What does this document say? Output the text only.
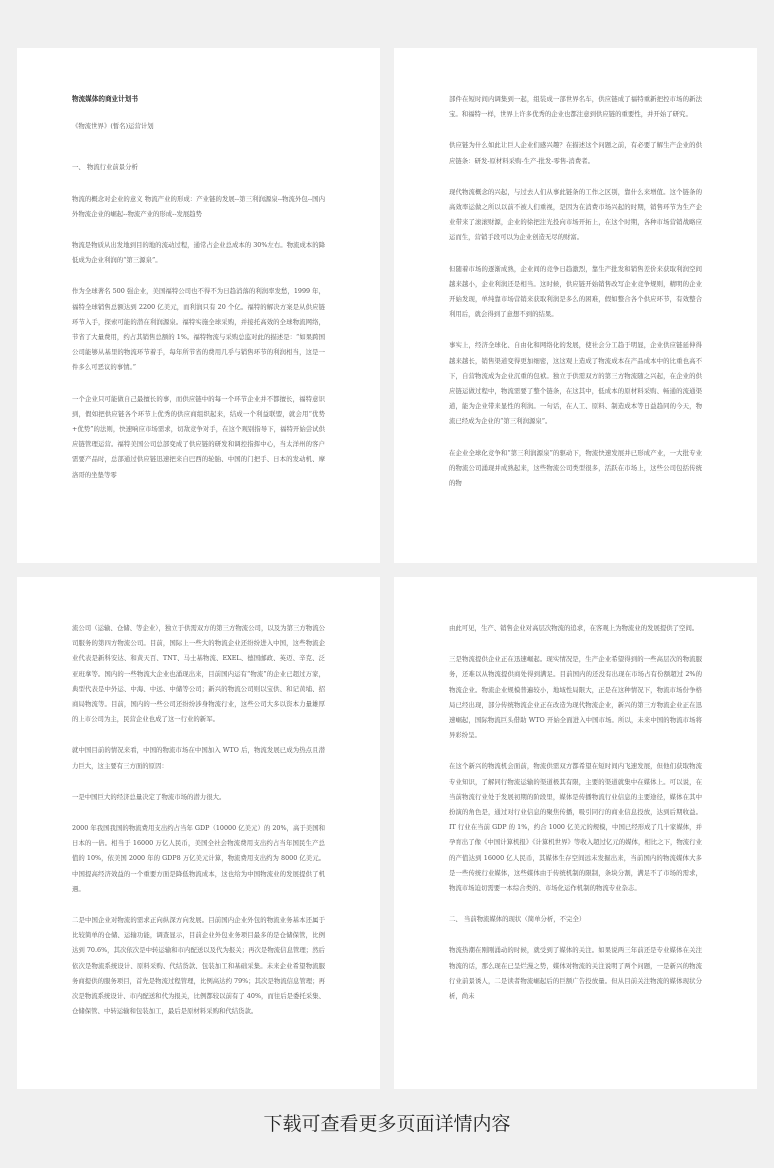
物流媒体的商业计划书
《物流世界》(暂名)运营计划
一、 物流行业前景分析
物流的概念对企业的意义 物流产业的形成：产业链的发展--第三利润源泉--物流外包--国内外物流企业的崛起--物流产业的形成--发展趋势
物流是物质从出发地到目的地的流动过程，通常占企业总成本的 30%左右。物流成本的降低成为企业利润的“第三源泉”。
作为全球著名 500 强企业，美国福特公司也不得不为日趋消落的利润率发愁，1999 年，福特全球销售总额达到 2200 亿美元，而利润只有 20 个亿。福特的解决方案是从供应链环节入手，探索可能的潜在利润源泉。福特实施全球采购，并接托高效的全球物流网络，节省了大量费用，约占其销售总额的 1%。福特物流与采购总监对此的描述是：“如果跨国公司能够从基里的物流环节着手，每年所节省的费用几乎与销售环节的利润相当，这是一件多么可恶议的事情。”
一个企业只可能做自己最擅长的事，而供应链中的每一个环节企业并不都擅长，福特意识到，假如把供应链各个环节上优秀的供应商组织起来，结成一个利益联盟，就会用“优势+优势”的法则，快速响应市场需求，切敌竞争对手，在这个观别指导下，福特开始尝试供应链管理运营。福特美国公司总部变成了供应链的研发和调控指挥中心，当太洋州的客户需要产品时，总部通过供应链迅速把来自巴西的轮胎、中国的门把手、日本的发动机、摩洛哥的坐垫等零
部件在短时间内调集到一起，组装成一部世界名车，供应链成了福特重新把控市场的新法宝。和福特一样，世界上许多优秀的企业也都注意到供应链的重要性，并开始了研究。
供应链为什么如此让巨人企业们感兴趣？在描述这个问题之前，有必要了解生产企业的供应链条：研发-原材料采购-生产-批发-零售-消费者。
现代物流概念的兴起，与过去人们从事此链条的工作之区别，靠什么来增值。这个链条的高效率运做之所以以前不被人们重视，是因为在消费市场兴起的时期，销售环节为生产企业带来了滚滚财源，企业的徐把注光投向市场开拓上，在这个时期，各种市场营销战略应运而生，营销手段可以为企业创造无尽的财富。
但随着市场的逐渐成熟，企业间的竞争日趋激烈，靠生产批发和销售差价来获取利润空间越来越小，企业利润还是相当。这时候，供应链开始销售改写企业竞争规则，精明的企业开始发现，单纯靠市场营销来获取利润是多么的困难，假如整合各个供应环节，有效整合利用后，就会得到了意想不到的结果。
事实上，经济全球化、自由化和网络化的发展，使社会分工趋于明显，企业供应链延伸得越来越长，销售渠道变得更加细密，这这观上造成了物流成本在产品成本中的比重也高不下，自营物流成为企业沉重的包袱。独立于供需双方的第三方物流随之兴起，在企业的供应链运做过程中，物流需要了整个链条，在这其中，低成本的原材料采购、畅通的流通渠道，能为企业带来显性的利润。一句话，在人工、原料、制造成本等日益趋同的今天，物流已经成为企业的“第三利润源泉”。
在企业全球化竞争和“第三利润源泉”的驱动下，物流快速发展并已形成产业，一大批专业的物流公司涌现并成熟起来，这些物流公司类型很多，活跃在市场上，这些公司包括传统的物
流公司（运输、仓储、等企业），独立于供需双方的第三方物流公司，以及为第三方物流公司服务的第四方物流公司。目前，国际上一些大的物流企业还纷纷进入中国，这些物流企业代表是新科安达、和黄天百、TNT、马士基物流、EXEL、德国邮政、英迈、辛克、泛亚班拿等。国内的一些物流大企业也涌现出来，目前国内运有“物流”的企业已超过万家，典型代表是中外运、中海、中远、中储等公司；新兴的物流公司则以宝供、和记黄埔、招商局物流等。目前，国内的一些公司还纷纷涉身物流行业，这些公司大多以资本力量雄厚的上市公司为主，民营企业也成了这一行业的新军。
就中国目前的情况来看，中国的物流市场在中国加入 WTO 后，物流发展已成为热点且潜力巨大，这主要有三方面的原因：
一是中国巨大的经济总量决定了物流市场的潜力很大。
2000 年我国我国的物流费用支出约占当年 GDP（10000 亿美元）的 20%，高于美国和日本的一倍。相当于 16000 万亿人民币，美国全社会物流费用支出约占当年国民生产总值的 10%，依美国 2000 年的 GDP8 万亿美元计算，物流费用支出约为 8000 亿美元。中国提高经济效益的一个重要方面是降低物流成本，这也给为中国物流业的发展提供了机遇。
二是中国企业对物流的需求正向纵深方向发展。目前国内企业外包的物流业务基本还属于比较简单的仓储、运输功能，调查显示，目前企业外包业务项目最多的是仓储保管，比例达到 70.6%，其次依次是中转运输和市内配送以及代为报关；再次是物流信息管理；然后依次是物流系统设计、原料采购、代结货款、包装加工和基础采集。未来企业希望物流服务商提供的服务项目，首先是物流过程管理，比例高达约 79%；其次是物流信息管理；再次是物流系统设计、市内配送和代为报关，比例都较以前有了 40%，而往后是委托采集、仓储保管、中转运输和包装加工，最后是原材料采购和代结货款。
由此可见，生产、销售企业对高层次物流的追求，在客观上为物流业的发展提供了空间。
三是物流提供企业正在迅速崛起。现实情况是，生产企业希望得到的一些高层次的物流服务，还难以从物流提供商处得到满足。目前国内的还没有出现在市场占有份额超过 2%的物流企业。物流企业规模普遍较小，地域性局限大，正是在这种情况下，物流市场份争格局已经出现，部分传统物流企业正在改造为现代物流企业，新兴的第三方物流企业正在迅速崛起，国际物流巨头借助 WTO 开始全面进入中国市场。所以，未来中国的物流市场将异彩纷呈。
在这个新兴的物流机会面前，物流供需双方都希望在短时间内飞速发展，但他们获取物流专业知识，了解同行物流运输的渠道极其有限，主要的渠道就集中在媒体上。可以说，在当前物流行业处于发展初期的阶段里，媒体是传播物流行业信息的主要途径，媒体在其中扮演的角色是，通过对行业信息的聚焦传播，吸引同行的商业信息投放，达到后期收益。IT 行业在当前 GDP 的 1%，约合 1000 亿美元的规模，中国已经形成了几十家媒体，并孕育出了像《中国计算机报》《计算机世界》等收入超过亿元的媒体，相比之下，物流行业的产值达到 16000 亿人民币，其媒体生存空间远未发掘出来，当前国内的物流媒体大多是一些传统行业媒体，这些媒体由于传统机制的限制，条块分割，满足不了市场的需求，物流市场迫切需要一本综合类的、市场化运作机制的物流专业杂志。
二、 当前物流媒体的现状（简单分析，不完全）
物流热潮在刚刚涌动的时候，就受到了媒体的关注。如果说两三年前还是专业媒体在关注物流的话，那么现在已呈烂漫之势，媒体对物流的关注说明了两个问题，一是新兴的物流行业前景诱人，二是读者物流崛起后的巨额广告投放量。但从目前关注物流的媒体现状分析，尚未
下载可查看更多页面详情内容
